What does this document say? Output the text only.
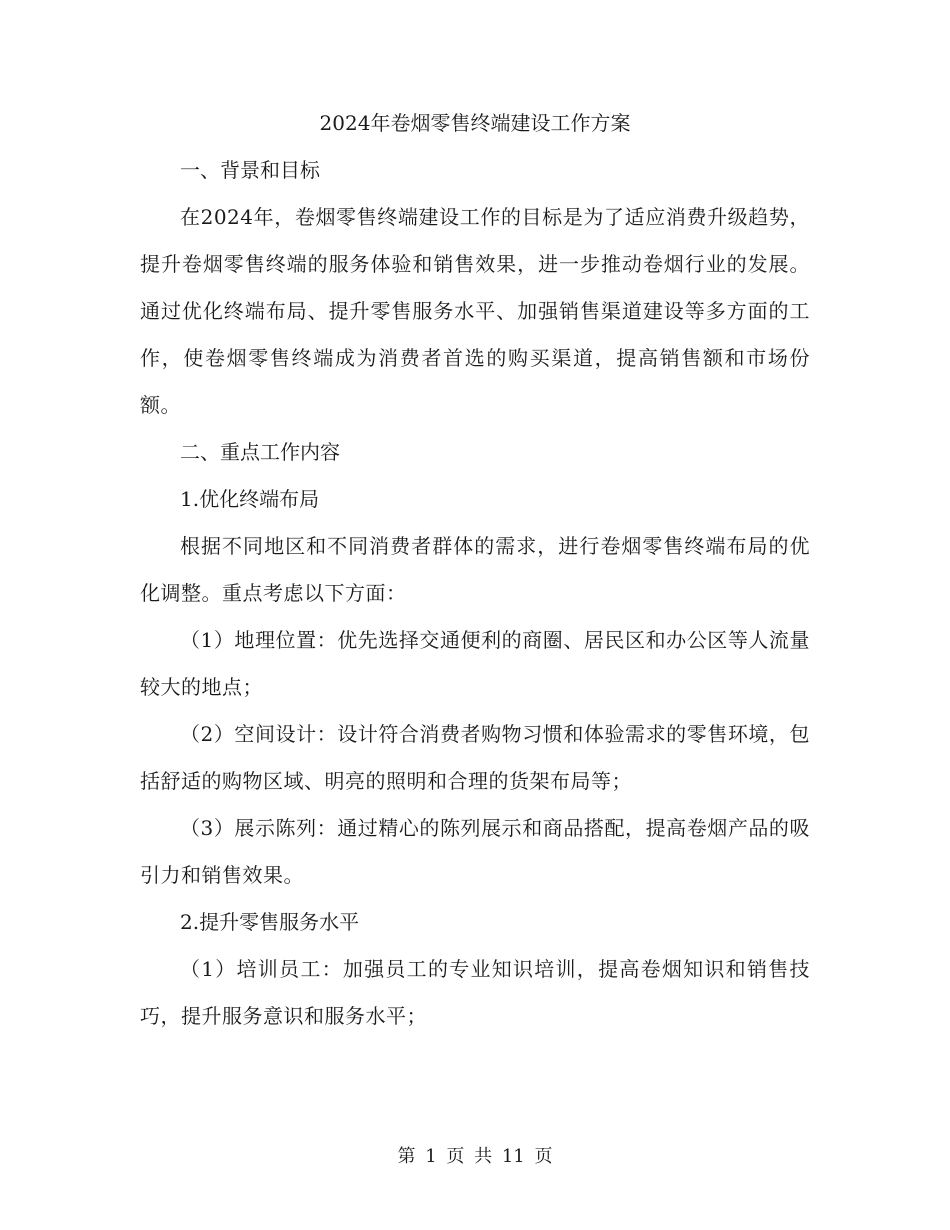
2024年卷烟零售终端建设工作方案
一、背景和目标

在2024年，卷烟零售终端建设工作的目标是为了适应消费升级趋势，提升卷烟零售终端的服务体验和销售效果，进一步推动卷烟行业的发展。通过优化终端布局、提升零售服务水平、加强销售渠道建设等多方面的工作，使卷烟零售终端成为消费者首选的购买渠道，提高销售额和市场份额。

二、重点工作内容
1.优化终端布局

根据不同地区和不同消费者群体的需求，进行卷烟零售终端布局的优化调整。重点考虑以下方面：

（1）地理位置：优先选择交通便利的商圈、居民区和办公区等人流量较大的地点；

（2）空间设计：设计符合消费者购物习惯和体验需求的零售环境，包括舒适的购物区域、明亮的照明和合理的货架布局等；

（3）展示陈列：通过精心的陈列展示和商品搭配，提高卷烟产品的吸引力和销售效果。

2.提升零售服务水平

（1）培训员工：加强员工的专业知识培训，提高卷烟知识和销售技巧，提升服务意识和服务水平；

第 1 页 共 11 页
